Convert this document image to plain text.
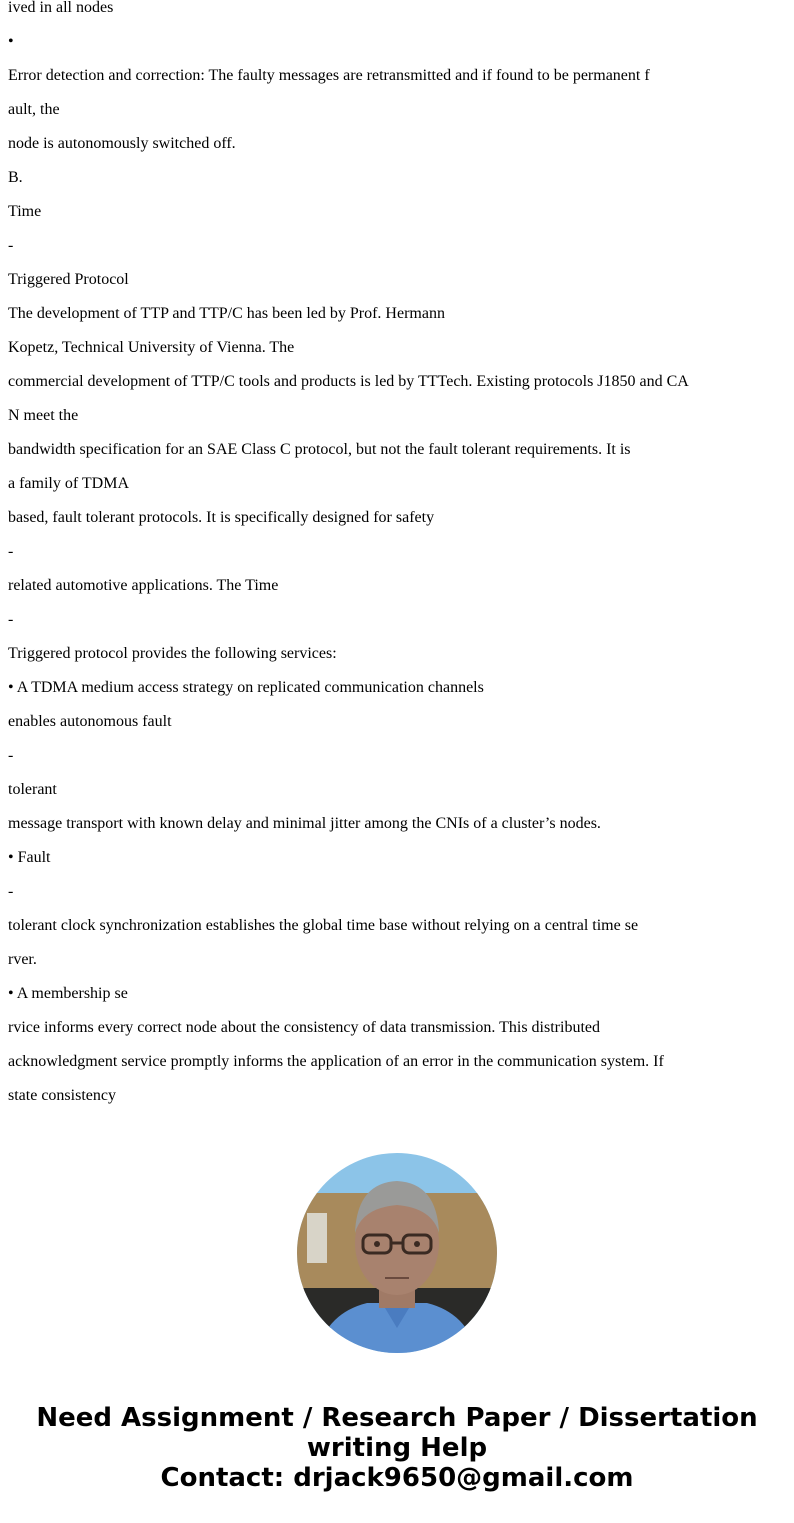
ived in all nodes

•

Error detection and correction: The faulty messages are retransmitted and if found to be permanent f

ault, the

node is autonomously switched off.

B.

Time

-

Triggered Protocol

The development of TTP and TTP/C has been led by Prof. Hermann

Kopetz, Technical University of Vienna. The

commercial development of TTP/C tools and products is led by TTTech. Existing protocols J1850 and CA

N meet the

bandwidth specification for an SAE Class C protocol, but not the fault tolerant requirements. It is

a family of TDMA

based, fault tolerant protocols. It is specifically designed for safety

-

related automotive applications. The Time

-

Triggered protocol provides the following services:

• A TDMA medium access strategy on replicated communication channels

enables autonomous fault

-

tolerant

message transport with known delay and minimal jitter among the CNIs of a cluster’s nodes.

• Fault

-

tolerant clock synchronization establishes the global time base without relying on a central time se

rver.

• A membership se

rvice informs every correct node about the consistency of data transmission. This distributed

acknowledgment service promptly informs the application of an error in the communication system. If

state consistency

Need Assignment / Research Paper / Dissertation
writing Help
Contact: drjack9650@gmail.com
